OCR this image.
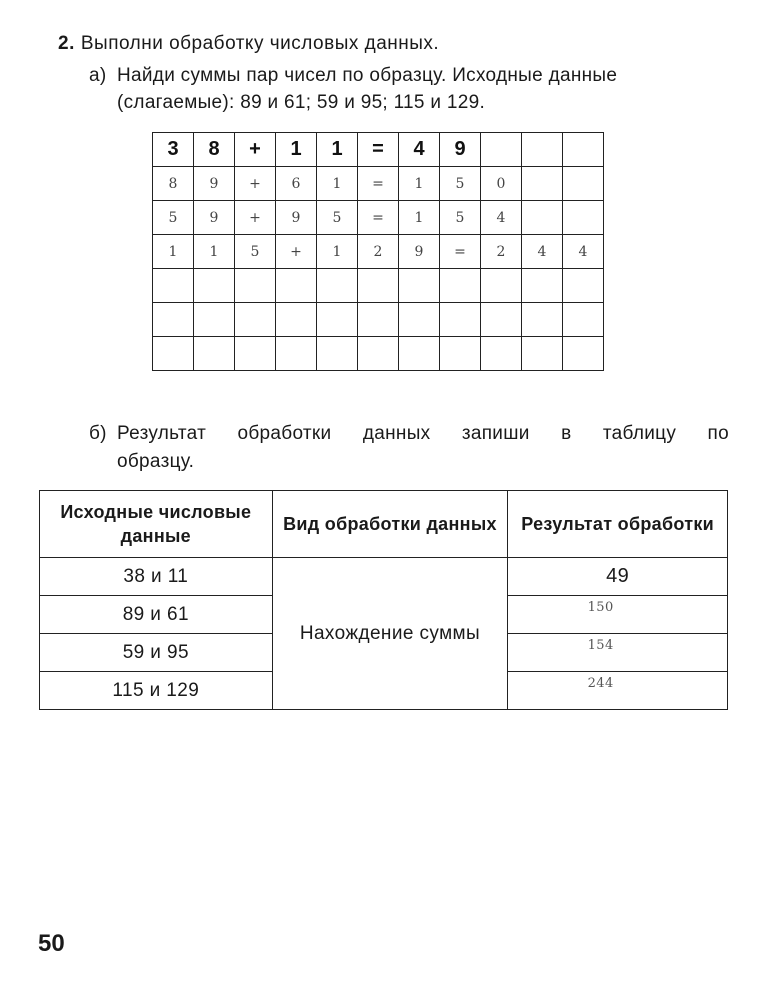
2. Выполни обработку числовых данных.
а) Найди суммы пар чисел по образцу. Исходные данные (слагаемые): 89 и 61; 59 и 95; 115 и 129.
3	8	+	1	1	=	4	9			
8	9	+	6	1	=	1	5	0		
5	9	+	9	5	=	1	5	4		
1	1	5	+	1	2	9	=	2	4	4

б) Результат обработки данных запиши в таблицу по образцу.
Исходные числовые данные	Вид обработки данных	Результат обработки
38 и 11	Нахождение суммы	49
89 и 61		150
59 и 95		154
115 и 129		244
50
